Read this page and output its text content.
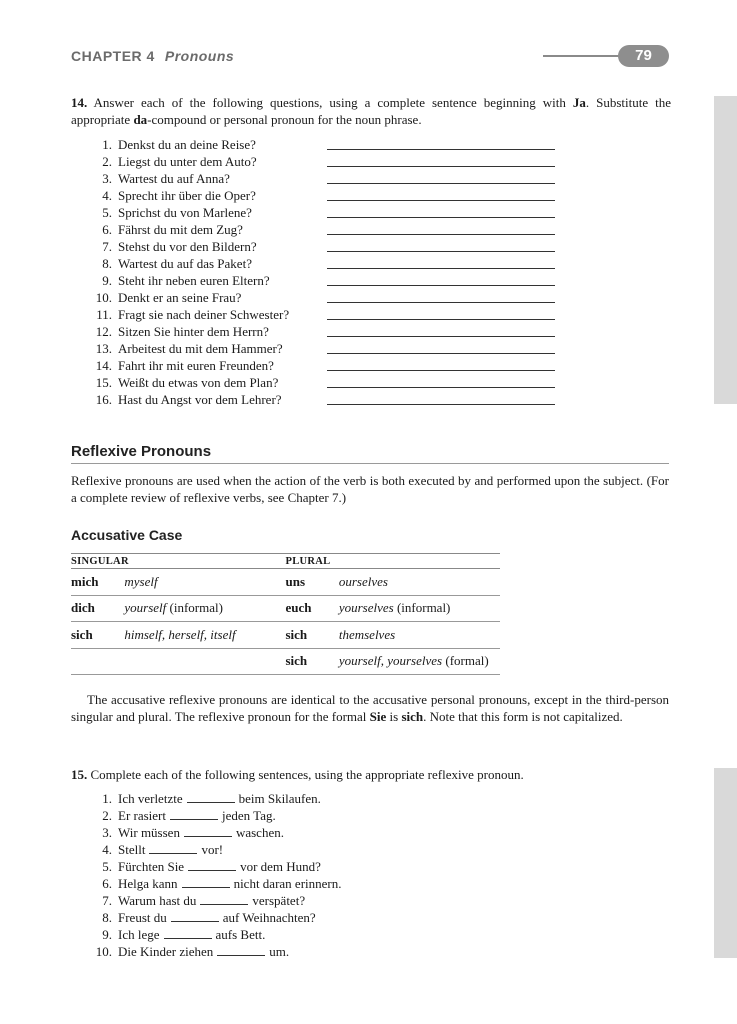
CHAPTER 4 Pronouns	79
14. Answer each of the following questions, using a complete sentence beginning with Ja. Substitute the appropriate da-compound or personal pronoun for the noun phrase.
1. Denkst du an deine Reise?
2. Liegst du unter dem Auto?
3. Wartest du auf Anna?
4. Sprecht ihr über die Oper?
5. Sprichst du von Marlene?
6. Fährst du mit dem Zug?
7. Stehst du vor den Bildern?
8. Wartest du auf das Paket?
9. Steht ihr neben euren Eltern?
10. Denkt er an seine Frau?
11. Fragt sie nach deiner Schwester?
12. Sitzen Sie hinter dem Herrn?
13. Arbeitest du mit dem Hammer?
14. Fahrt ihr mit euren Freunden?
15. Weißt du etwas von dem Plan?
16. Hast du Angst vor dem Lehrer?
Reflexive Pronouns

Reflexive pronouns are used when the action of the verb is both executed by and performed upon the subject. (For a complete review of reflexive verbs, see Chapter 7.)

Accusative Case
SINGULAR		PLURAL	
mich	myself	uns	ourselves
dich	yourself (informal)	euch	yourselves (informal)
sich	himself, herself, itself	sich	themselves
		sich	yourself, yourselves (formal)

The accusative reflexive pronouns are identical to the accusative personal pronouns, except in the third-person singular and plural. The reflexive pronoun for the formal Sie is sich. Note that this form is not capitalized.

15. Complete each of the following sentences, using the appropriate reflexive pronoun.
1. Ich verletzte	beim Skilaufen.
2. Er rasiert	jeden Tag.
3. Wir müssen	waschen.
4. Stellt	vor!
5. Fürchten Sie	vor dem Hund?
6. Helga kann	nicht daran erinnern.
7. Warum hast du	verspätet?
8. Freust du	auf Weihnachten?
9. Ich lege	aufs Bett.
10. Die Kinder ziehen	um.
